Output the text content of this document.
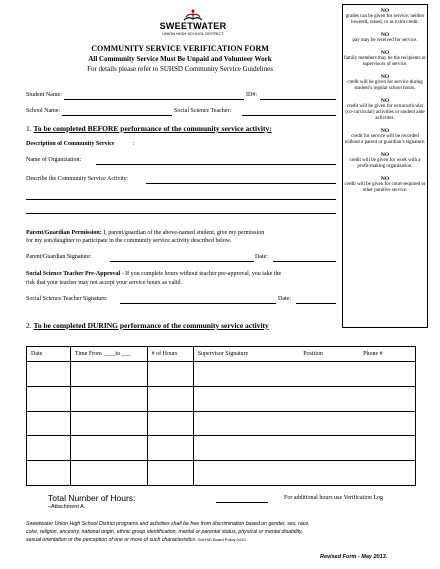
SWEETWATER
UNION HIGH SCHOOL DISTRICT
COMMUNITY SERVICE VERIFICATION FORM
All Community Service Must Be Unpaid and Volunteer Work
For details please refer to SUHSD Community Service Guidelines
Student Name:	ID#:
School Name:	Social Science Teacher:
1. To be completed BEFORE performance of the community service activity:
Description of Community Service	:
Name of Organization:
Describe the Community Service Activity:
Parent/Guardian Permission: I, parent/guardian of the above-named student, give my permission
for my son/daughter to participate in the community service activity described below.
Parent/Guardian Signature:	Date:
Social Science Teacher Pre-Approval - If you complete hours without teacher pre-approval, you take the
risk that your teacher may not accept your service hours as valid.
Social Science Teacher Signature:	Date:
2. To be completed DURING performance of the community service activity
NO
grades can be given for service; neither lowered, raised, or as extra credit.
NO
pay may be received for service.
NO
family members may be the recipients or supervisors of service.
NO
credit will be given for service during student’s regular school hours.
NO
credit will be given for extracurricular (co-curricular) activities or student aide activities.
NO
credit for service will be recorded without a parent or guardian’s signature.
NO
credit will be given for work with a profit-making organization.
NO
credit will be given for court-required or other punitive service.
Date	Time From ____to ___	# of Hours	Supervisor Signature	Position	Phone #

Total Number of Hours:	For additional hours use Verification Log
–Attachment A.
Sweetwater Union High School District programs and activities shall be free from discrimination based on gender, sex, race,
color, religion, ancestry, national origin, ethnic group identification, marital or parental status, physical or mental disability,
sexual orientation or the perception of one or more of such characteristics. SUHSD Board Policy 0410.
Revised Form - May 2013.
